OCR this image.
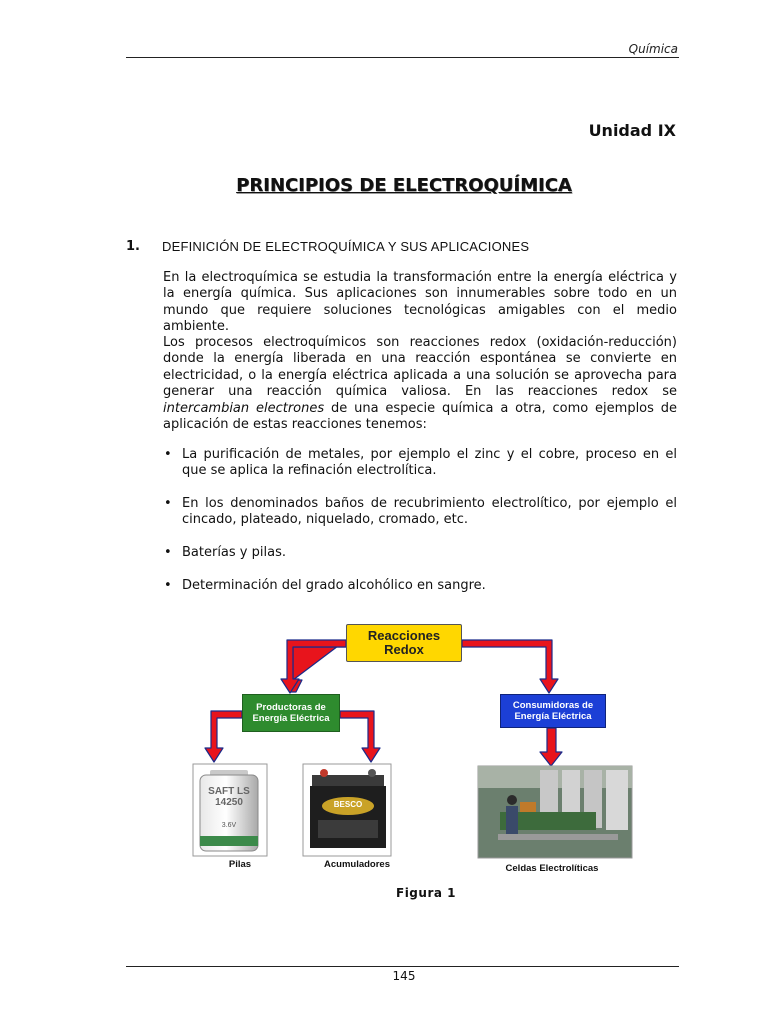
Química
Unidad IX
PRINCIPIOS DE ELECTROQUÍMICA
1. DEFINICIÓN DE ELECTROQUÍMICA Y SUS APLICACIONES
En la electroquímica se estudia la transformación entre la energía eléctrica y la energía química. Sus aplicaciones son innumerables sobre todo en un mundo que requiere soluciones tecnológicas amigables con el medio ambiente.
Los procesos electroquímicos son reacciones redox (oxidación-reducción) donde la energía liberada en una reacción espontánea se convierte en electricidad, o la energía eléctrica aplicada a una solución se aprovecha para generar una reacción química valiosa. En las reacciones redox se intercambian electrones de una especie química a otra, como ejemplos de aplicación de estas reacciones tenemos:
• La purificación de metales, por ejemplo el zinc y el cobre, proceso en el que se aplica la refinación electrolítica.
• En los denominados baños de recubrimiento electrolítico, por ejemplo el cincado, plateado, niquelado, cromado, etc.
• Baterías y pilas.
• Determinación del grado alcohólico en sangre.
Reacciones Redox
Productoras de Energía Eléctrica
Consumidoras de Energía Eléctrica
SAFT LS 14250
3.6V
BESCO
Pilas	Acumuladores	Celdas Electrolíticas
Figura 1
145
